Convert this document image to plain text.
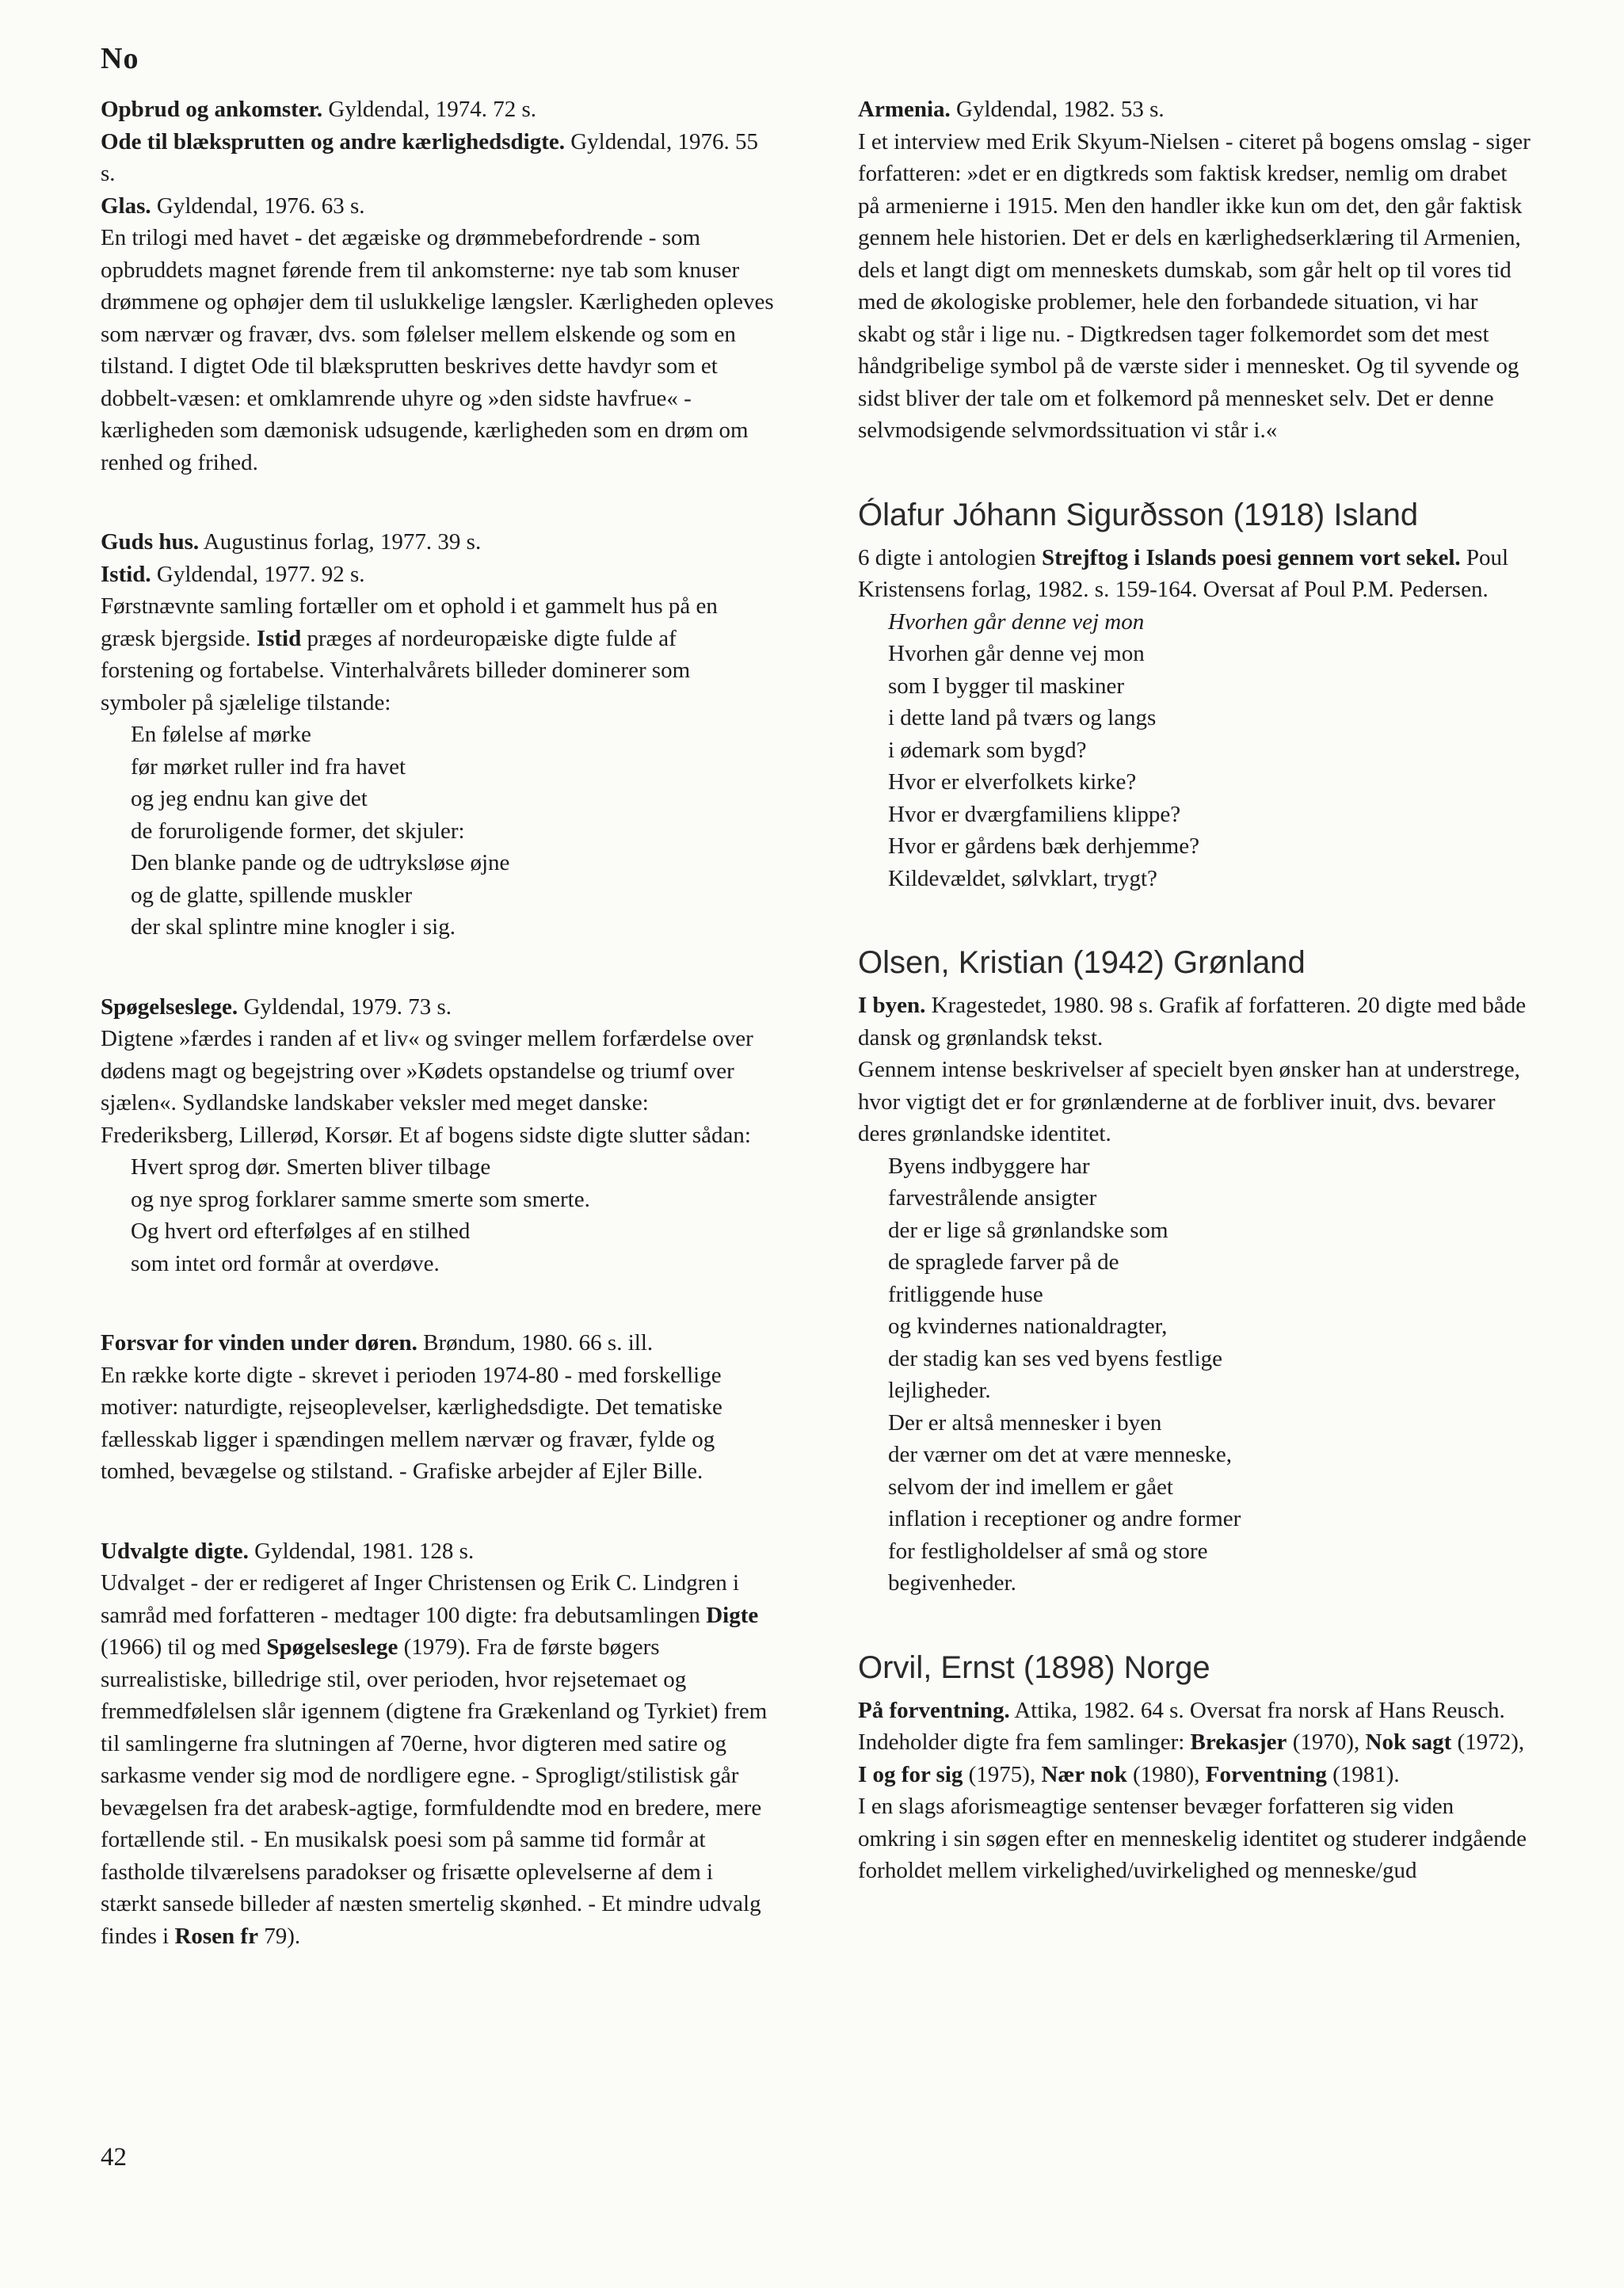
No

Opbrud og ankomster. Gyldendal, 1974. 72 s.

Ode til blæksprutten og andre kærlighedsdigte. Gyldendal, 1976. 55 s.

Glas. Gyldendal, 1976. 63 s.

En trilogi med havet - det ægæiske og drømmebefordrende - som opbruddets magnet førende frem til ankomsterne: nye tab som knuser drømmene og ophøjer dem til uslukkelige længsler. Kærligheden opleves som nærvær og fravær, dvs. som følelser mellem elskende og som en tilstand. I digtet Ode til blæksprutten beskrives dette havdyr som et dobbelt-væsen: et omklamrende uhyre og »den sidste havfrue« - kærligheden som dæmonisk udsugende, kærligheden som en drøm om renhed og frihed.

Guds hus. Augustinus forlag, 1977. 39 s.

Istid. Gyldendal, 1977. 92 s.

Førstnævnte samling fortæller om et ophold i et gammelt hus på en græsk bjergside. Istid præges af nordeuropæiske digte fulde af forstening og fortabelse. Vinterhalvårets billeder dominerer som symboler på sjælelige tilstande:

En følelse af mørke
før mørket ruller ind fra havet
og jeg endnu kan give det
de foruroligende former, det skjuler:
Den blanke pande og de udtryksløse øjne
og de glatte, spillende muskler
der skal splintre mine knogler i sig.

Spøgelseslege. Gyldendal, 1979. 73 s.

Digtene »færdes i randen af et liv« og svinger mellem forfærdelse over dødens magt og begejstring over »Kødets opstandelse og triumf over sjælen«. Sydlandske landskaber veksler med meget danske: Frederiksberg, Lillerød, Korsør. Et af bogens sidste digte slutter sådan:

Hvert sprog dør. Smerten bliver tilbage
og nye sprog forklarer samme smerte som smerte.
Og hvert ord efterfølges af en stilhed
som intet ord formår at overdøve.

Forsvar for vinden under døren. Brøndum, 1980. 66 s. ill.

En række korte digte - skrevet i perioden 1974-80 - med forskellige motiver: naturdigte, rejseoplevelser, kærlighedsdigte. Det tematiske fællesskab ligger i spændingen mellem nærvær og fravær, fylde og tomhed, bevægelse og stilstand. - Grafiske arbejder af Ejler Bille.

Udvalgte digte. Gyldendal, 1981. 128 s.

Udvalget - der er redigeret af Inger Christensen og Erik C. Lindgren i samråd med forfatteren - medtager 100 digte: fra debutsamlingen Digte (1966) til og med Spøgelseslege (1979). Fra de første bøgers surrealistiske, billedrige stil, over perioden, hvor rejsetemaet og fremmedfølelsen slår igennem (digtene fra Grækenland og Tyrkiet) frem til samlingerne fra slutningen af 70erne, hvor digteren med satire og sarkasme vender sig mod de nordligere egne. - Sprogligt/stilistisk går bevægelsen fra det arabesk-agtige, formfuldendte mod en bredere, mere fortællende stil. - En musikalsk poesi som på samme tid formår at fastholde tilværelsens paradokser og frisætte oplevelserne af dem i stærkt sansede billeder af næsten smertelig skønhed. - Et mindre udvalg findes i Rosen fr 79).

Armenia. Gyldendal, 1982. 53 s.

I et interview med Erik Skyum-Nielsen - citeret på bogens omslag - siger forfatteren: »det er en digtkreds som faktisk kredser, nemlig om drabet på armenierne i 1915. Men den handler ikke kun om det, den går faktisk gennem hele historien. Det er dels en kærlighedserklæring til Armenien, dels et langt digt om menneskets dumskab, som går helt op til vores tid med de økologiske problemer, hele den forbandede situation, vi har skabt og står i lige nu. - Digtkredsen tager folkemordet som det mest håndgribelige symbol på de værste sider i mennesket. Og til syvende og sidst bliver der tale om et folkemord på mennesket selv. Det er denne selvmodsigende selvmordssituation vi står i.«

Ólafur Jóhann Sigurðsson (1918) Island

6 digte i antologien Strejftog i Islands poesi gennem vort sekel. Poul Kristensens forlag, 1982. s. 159-164. Oversat af Poul P.M. Pedersen.

Hvorhen går denne vej mon
Hvorhen går denne vej mon
som I bygger til maskiner
i dette land på tværs og langs
i ødemark som bygd?
Hvor er elverfolkets kirke?
Hvor er dværgfamiliens klippe?
Hvor er gårdens bæk derhjemme?
Kildevældet, sølvklart, trygt?
Olsen, Kristian (1942) Grønland

I byen. Kragestedet, 1980. 98 s. Grafik af forfatteren. 20 digte med både dansk og grønlandsk tekst.

Gennem intense beskrivelser af specielt byen ønsker han at understrege, hvor vigtigt det er for grønlænderne at de forbliver inuit, dvs. bevarer deres grønlandske identitet.

Byens indbyggere har
farvestrålende ansigter
der er lige så grønlandske som
de spraglede farver på de
fritliggende huse
og kvindernes nationaldragter,
der stadig kan ses ved byens festlige
lejligheder.
Der er altså mennesker i byen
der værner om det at være menneske,
selvom der ind imellem er gået
inflation i receptioner og andre former
for festligholdelser af små og store
begivenheder.
Orvil, Ernst (1898) Norge

På forventning. Attika, 1982. 64 s. Oversat fra norsk af Hans Reusch. Indeholder digte fra fem samlinger: Brekasjer (1970), Nok sagt (1972), I og for sig (1975), Nær nok (1980), Forventning (1981).

I en slags aforismeagtige sentenser bevæger forfatteren sig viden omkring i sin søgen efter en menneskelig identitet og studerer indgående forholdet mellem virkelighed/uvirkelighed og menneske/gud

42
